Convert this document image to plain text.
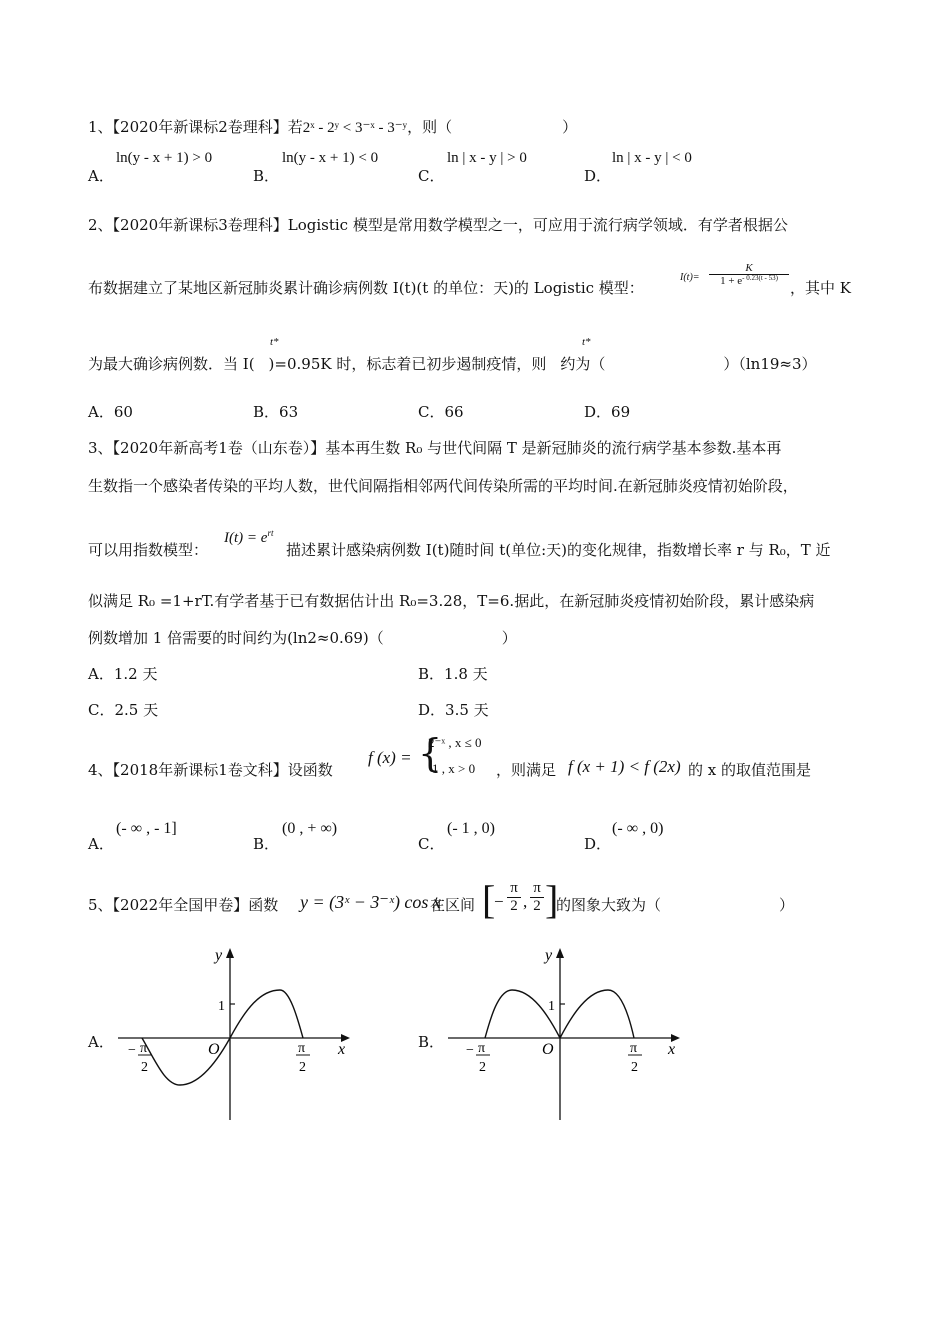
1、【2020年新课标2卷理科】若2ˣ - 2ʸ < 3⁻ˣ - 3⁻ʸ，则（	）
A．
ln(y - x + 1) > 0
B．
ln(y - x + 1) < 0
C．
ln | x - y | > 0
D．
ln | x - y | < 0
2、【2020年新课标3卷理科】Logistic 模型是常用数学模型之一，可应用于流行病学领域．有学者根据公
布数据建立了某地区新冠肺炎累计确诊病例数 I(t)(t 的单位：天)的 Logistic 模型：
$I(t)= \frac{K}{1 + e^{- 0.23(t - 53)}}$
，其中 K
为最大确诊病例数．当 I( )=0.95K 时，标志着已初步遏制疫情，则 约为（	）（ln19≈3）
t*	t*
A．60	B．63	C．66	D．69
3、【2020年新高考1卷（山东卷）】基本再生数 R₀ 与世代间隔 T 是新冠肺炎的流行病学基本参数.基本再
生数指一个感染者传染的平均人数，世代间隔指相邻两代间传染所需的平均时间.在新冠肺炎疫情初始阶段，
可以用指数模型：
$I(t) = e^{rt}$
描述累计感染病例数 I(t)随时间 t(单位:天)的变化规律，指数增长率 r 与 R₀，T 近
似满足 R₀ =1+rT.有学者基于已有数据估计出 R₀=3.28，T=6.据此，在新冠肺炎疫情初始阶段，累计感染病
例数增加 1 倍需要的时间约为(ln2≈0.69)（	）
A．1.2 天	B．1.8 天
C．2.5 天	D．3.5 天
4、【2018年新课标1卷文科】设函数
f (x) = {
2⁻ˣ , x ≤ 0
1 , x > 0 ，则满足 f (x + 1) < f (2x) 的 x 的取值范围是
A．
(- ∞ , - 1]
B．
(0 , + ∞)
C．
(- 1 , 0)
D．
(- ∞ , 0)
5、【2022年全国甲卷】函数 y = (3ˣ − 3⁻ˣ) cos x
在区间 [
− $\frac{\pi}{2}$ , $\frac{\pi}{2}$ ]
的图象大致为（	）
A．
y
1
O	x
− π
2
π
2
B．
y
1
O	x
− π
2
π
2
